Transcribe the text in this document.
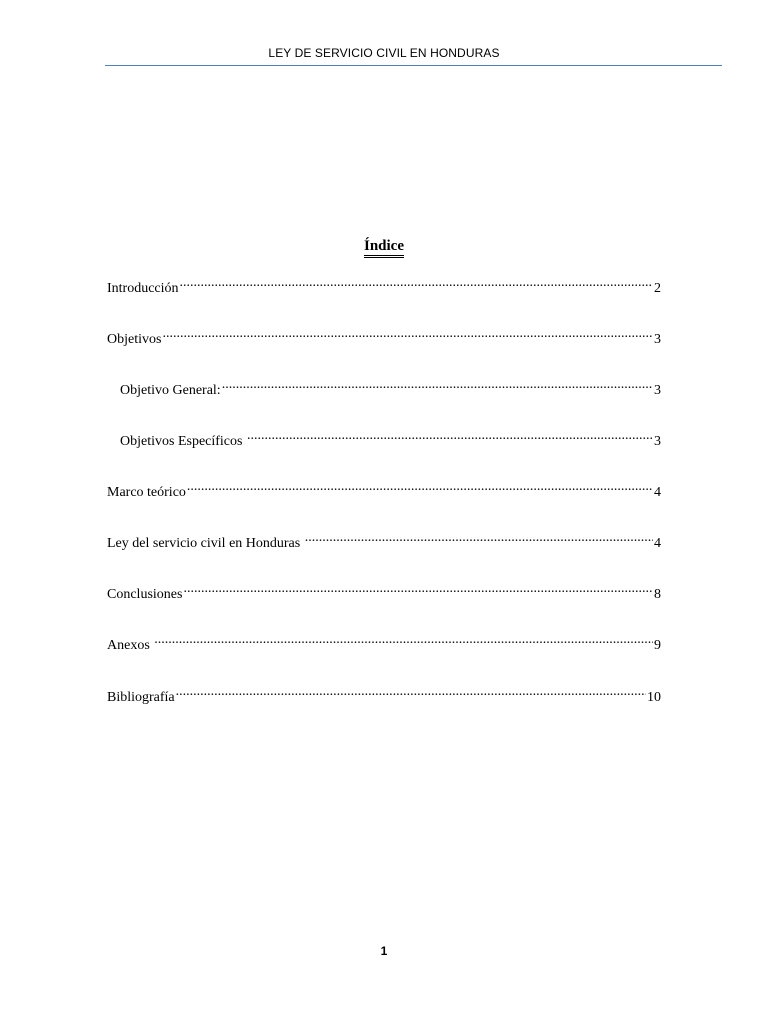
LEY DE SERVICIO CIVIL EN HONDURAS
Índice
Introducción .....	2
Objetivos .....	3
Objetivo General: .....	3
Objetivos Específicos .....	3
Marco teórico .....	4
Ley del servicio civil en Honduras .....	4
Conclusiones .....	8
Anexos .....	9
Bibliografía .....	10
1
